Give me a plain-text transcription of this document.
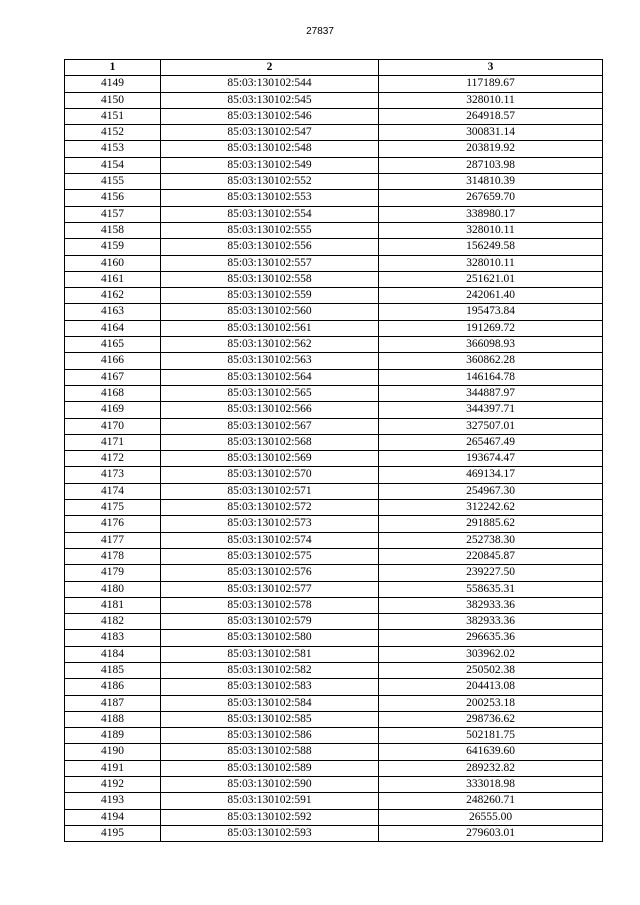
27837
1	2	3
4149	85:03:130102:544	117189.67
4150	85:03:130102:545	328010.11
4151	85:03:130102:546	264918.57
4152	85:03:130102:547	300831.14
4153	85:03:130102:548	203819.92
4154	85:03:130102:549	287103.98
4155	85:03:130102:552	314810.39
4156	85:03:130102:553	267659.70
4157	85:03:130102:554	338980.17
4158	85:03:130102:555	328010.11
4159	85:03:130102:556	156249.58
4160	85:03:130102:557	328010.11
4161	85:03:130102:558	251621.01
4162	85:03:130102:559	242061.40
4163	85:03:130102:560	195473.84
4164	85:03:130102:561	191269.72
4165	85:03:130102:562	366098.93
4166	85:03:130102:563	360862.28
4167	85:03:130102:564	146164.78
4168	85:03:130102:565	344887.97
4169	85:03:130102:566	344397.71
4170	85:03:130102:567	327507.01
4171	85:03:130102:568	265467.49
4172	85:03:130102:569	193674.47
4173	85:03:130102:570	469134.17
4174	85:03:130102:571	254967.30
4175	85:03:130102:572	312242.62
4176	85:03:130102:573	291885.62
4177	85:03:130102:574	252738.30
4178	85:03:130102:575	220845.87
4179	85:03:130102:576	239227.50
4180	85:03:130102:577	558635.31
4181	85:03:130102:578	382933.36
4182	85:03:130102:579	382933.36
4183	85:03:130102:580	296635.36
4184	85:03:130102:581	303962.02
4185	85:03:130102:582	250502.38
4186	85:03:130102:583	204413.08
4187	85:03:130102:584	200253.18
4188	85:03:130102:585	298736.62
4189	85:03:130102:586	502181.75
4190	85:03:130102:588	641639.60
4191	85:03:130102:589	289232.82
4192	85:03:130102:590	333018.98
4193	85:03:130102:591	248260.71
4194	85:03:130102:592	26555.00
4195	85:03:130102:593	279603.01
